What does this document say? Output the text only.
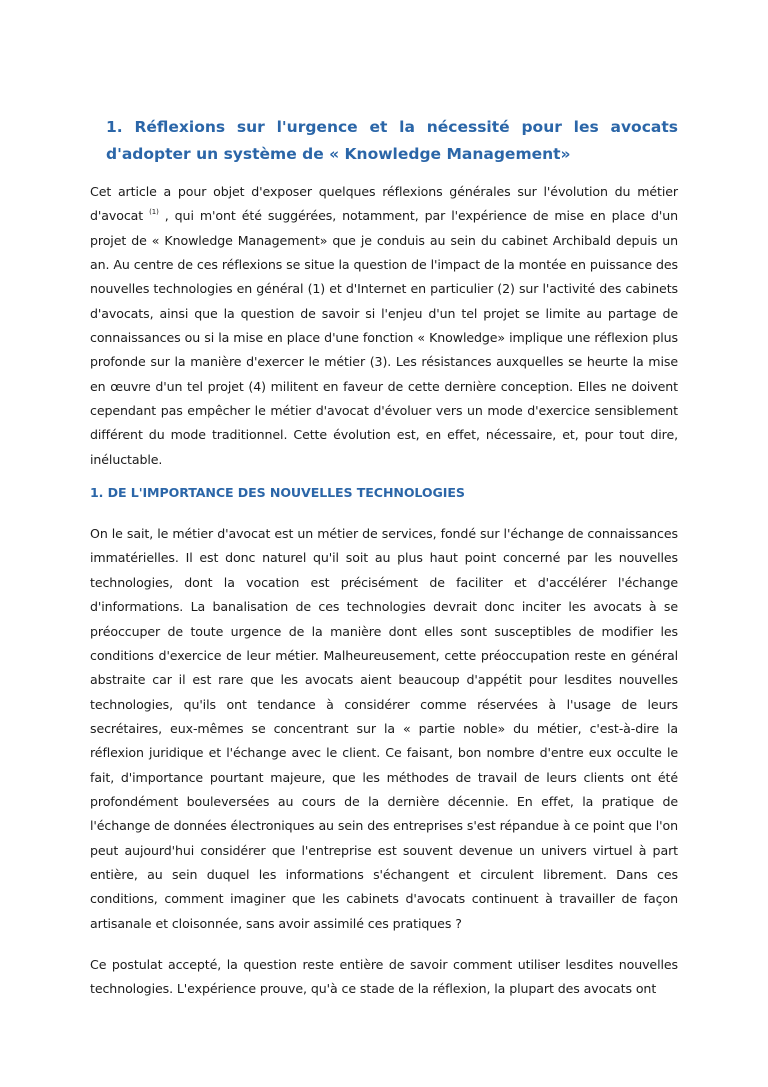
1. Réflexions sur l'urgence et la nécessité pour les avocats
d'adopter un système de « Knowledge Management»

Cet article a pour objet d'exposer quelques réflexions générales sur l'évolution du métier d'avocat $^{(1)}$ , qui m'ont été suggérées, notamment, par l'expérience de mise en place d'un projet de « Knowledge Management» que je conduis au sein du cabinet Archibald depuis un an. Au centre de ces réflexions se situe la question de l'impact de la montée en puissance des nouvelles technologies en général (1) et d'Internet en particulier (2) sur l'activité des cabinets d'avocats, ainsi que la question de savoir si l'enjeu d'un tel projet se limite au partage de connaissances ou si la mise en place d'une fonction « Knowledge» implique une réflexion plus profonde sur la manière d'exercer le métier (3). Les résistances auxquelles se heurte la mise en œuvre d'un tel projet (4) militent en faveur de cette dernière conception. Elles ne doivent cependant pas empêcher le métier d'avocat d'évoluer vers un mode d'exercice sensiblement différent du mode traditionnel. Cette évolution est, en effet, nécessaire, et, pour tout dire, inéluctable.

1. DE L'IMPORTANCE DES NOUVELLES TECHNOLOGIES

On le sait, le métier d'avocat est un métier de services, fondé sur l'échange de connaissances immatérielles. Il est donc naturel qu'il soit au plus haut point concerné par les nouvelles technologies, dont la vocation est précisément de faciliter et d'accélérer l'échange d'informations. La banalisation de ces technologies devrait donc inciter les avocats à se préoccuper de toute urgence de la manière dont elles sont susceptibles de modifier les conditions d'exercice de leur métier. Malheureusement, cette préoccupation reste en général abstraite car il est rare que les avocats aient beaucoup d'appétit pour lesdites nouvelles technologies, qu'ils ont tendance à considérer comme réservées à l'usage de leurs secrétaires, eux-mêmes se concentrant sur la « partie noble» du métier, c'est-à-dire la réflexion juridique et l'échange avec le client. Ce faisant, bon nombre d'entre eux occulte le fait, d'importance pourtant majeure, que les méthodes de travail de leurs clients ont été profondément bouleversées au cours de la dernière décennie. En effet, la pratique de l'échange de données électroniques au sein des entreprises s'est répandue à ce point que l'on peut aujourd'hui considérer que l'entreprise est souvent devenue un univers virtuel à part entière, au sein duquel les informations s'échangent et circulent librement. Dans ces conditions, comment imaginer que les cabinets d'avocats continuent à travailler de façon artisanale et cloisonnée, sans avoir assimilé ces pratiques ?

Ce postulat accepté, la question reste entière de savoir comment utiliser lesdites nouvelles technologies. L'expérience prouve, qu'à ce stade de la réflexion, la plupart des avocats ont
